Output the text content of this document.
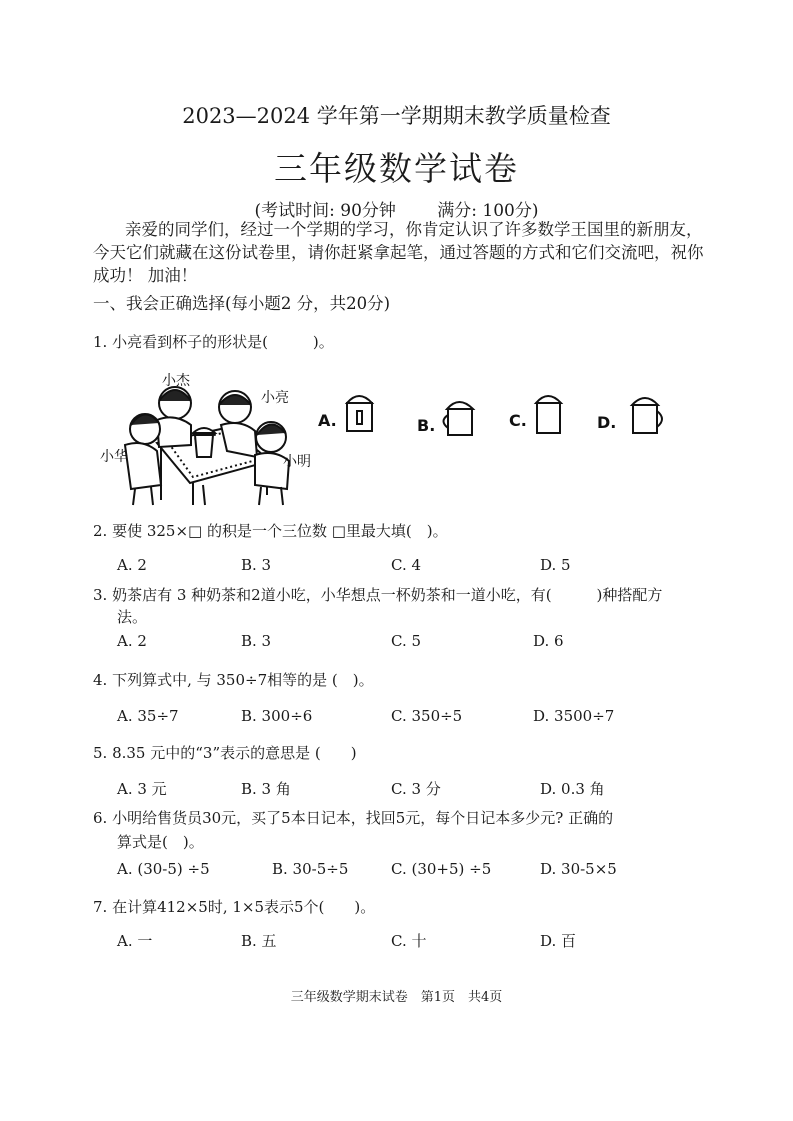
2023—2024 学年第一学期期末教学质量检查
三年级数学试卷
(考试时间: 90分钟 满分: 100分)
亲爱的同学们，经过一个学期的学习，你肯定认识了许多数学王国里的新朋友，今天它们就藏在这份试卷里，请你赶紧拿起笔，通过答题的方式和它们交流吧，祝你成功！ 加油！
一、我会正确选择(每小题2 分，共20分)
1. 小亮看到杯子的形状是(　　　)。
小杰
小亮
小华	小明
A.	B.	C.	D.
2. 要使 325×□ 的积是一个三位数 □里最大填(　)。
A. 2	B. 3	C. 4	D. 5
3. 奶茶店有 3 种奶茶和2道小吃，小华想点一杯奶茶和一道小吃，有(　　　)种搭配方
法。
A. 2	B. 3	C. 5	D. 6
4. 下列算式中, 与 350÷7相等的是 (　)。
A. 35÷7	B. 300÷6	C. 350÷5	D. 3500÷7
5. 8.35 元中的“3”表示的意思是 (　　)
A. 3 元	B. 3 角	C. 3 分	D. 0.3 角
6. 小明给售货员30元，买了5本日记本，找回5元，每个日记本多少元? 正确的
算式是(　)。
A. (30-5) ÷5	B. 30-5÷5	C. (30+5) ÷5	D. 30-5×5
7. 在计算412×5时, 1×5表示5个(　　)。
A. 一	B. 五	C. 十	D. 百
三年级数学期末试卷　第1页　共4页
